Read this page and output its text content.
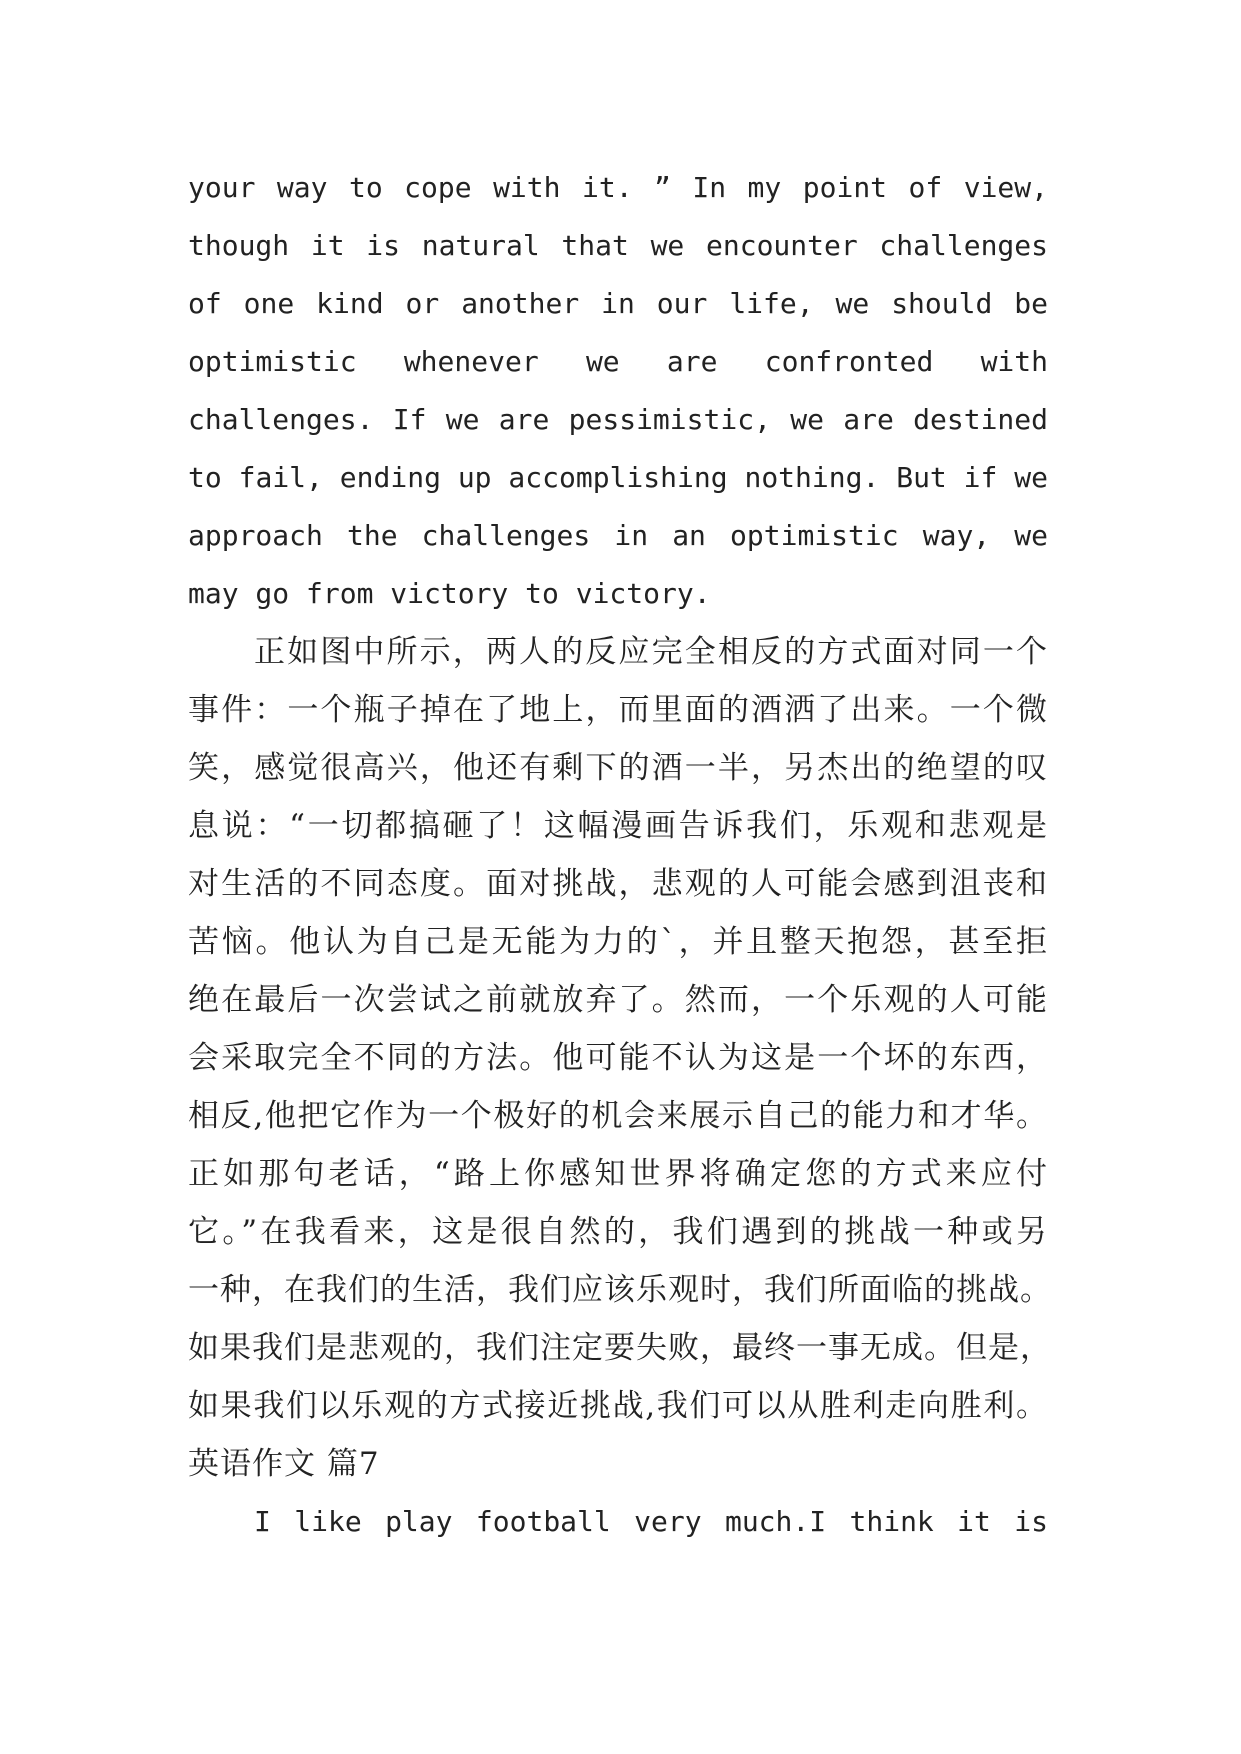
your way to cope with it. ” In my point of view,
though it is natural that we encounter challenges
of one kind or another in our life, we should be
optimistic whenever we are confronted with
challenges. If we are pessimistic, we are destined
to fail, ending up accomplishing nothing. But if we
approach the challenges in an optimistic way, we
may go from victory to victory.
正如图中所示，两人的反应完全相反的方式面对同一个
事件：一个瓶子掉在了地上，而里面的酒洒了出来。一个微
笑，感觉很高兴，他还有剩下的酒一半，另杰出的绝望的叹
息说：“一切都搞砸了！这幅漫画告诉我们，乐观和悲观是
对生活的不同态度。面对挑战，悲观的人可能会感到沮丧和
苦恼。他认为自己是无能为力的`，并且整天抱怨，甚至拒
绝在最后一次尝试之前就放弃了。然而，一个乐观的人可能
会采取完全不同的方法。他可能不认为这是一个坏的东西，
相反,他把它作为一个极好的机会来展示自己的能力和才华。
正如那句老话，“路上你感知世界将确定您的方式来应付
它。”在我看来，这是很自然的，我们遇到的挑战一种或另
一种，在我们的生活，我们应该乐观时，我们所面临的挑战。
如果我们是悲观的，我们注定要失败，最终一事无成。但是，
如果我们以乐观的方式接近挑战,我们可以从胜利走向胜利。
英语作文 篇7
I like play football very much.I think it is
